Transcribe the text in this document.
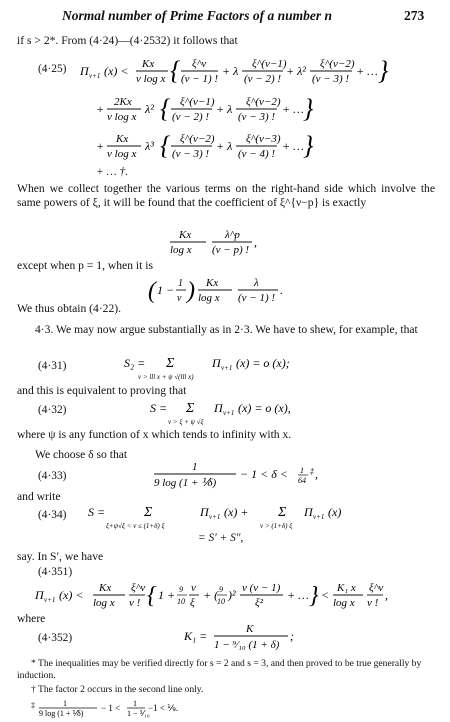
Normal number of Prime Factors of a number n	273
if s > 2*. From (4·24)—(4·2532) it follows that
(4·25) Π ν+1 (x) < Kx
ν log x { ξ^ν
(ν − 1) !
+ λ ξ^(ν−1)
(ν − 2) !
+ λ² ξ^(ν−2)
(ν − 3) !
+ … }
+ 2Kx
ν log x
λ² { ξ^(ν−1)
(ν − 2) !
+ λ ξ^(ν−2)
(ν − 3) !
+ … }
+ Kx
ν log x
λ³ { ξ^(ν−2)
(ν − 3) !
+ λ ξ^(ν−3)
(ν − 4) !
+ … }
+ … †.
When we collect together the various terms on the right-hand side which involve the same powers of ξ, it will be found that the coefficient of ξ^{ν−p} is exactly
Kx
log x
λ^p
(ν − p) !
,
except when p = 1, when it is
( 1 − 1
ν ) Kx
log x
λ
(ν − 1) !
.
We thus obtain (4·22).
4·3. We may now argue substantially as in 2·3. We have to shew, for example, that
(4·31)	S₂ = Σ
ν > lll x + ψ √(lll x)
Π ν+1 (x) = o (x);
and this is equivalent to proving that
(4·32)	S = Σ
ν > ξ + ψ √ξ
Π ν+1 (x) = o (x),
where ψ is any function of x which tends to infinity with x.
We choose δ so that
(4·33)
1
9 log (1 + ⅟δ)
− 1 < δ < 1
64
‡ ,
and write
(4·34) S =	Σ
ξ+ψ√ξ < ν ≤ (1+δ) ξ
Π ν+1 (x) + Σ
ν > (1+δ) ξ
Π ν+1 (x)
= S′ + S″,
say. In S′, we have
(4·351)
Π ν+1 (x) < Kx
log x
ξ^ν
ν ! { 1 + 9
10
ν
ξ
+ ( 9
10 )² ν (ν − 1)
ξ²
+ … } < K₁ x
log x
ξ^ν
ν !
,
where
(4·352)	K₁ =	K
1 − ⁹⁄₁₀ (1 + δ)
;
* The inequalities may be verified directly for s = 2 and s = 3, and then proved to be true generally by induction.
† The factor 2 occurs in the second line only.
‡	1
9 log (1 + ⅟δ)
− 1 < 1
1 − ⅟₁₀
−1 < ⅑.
